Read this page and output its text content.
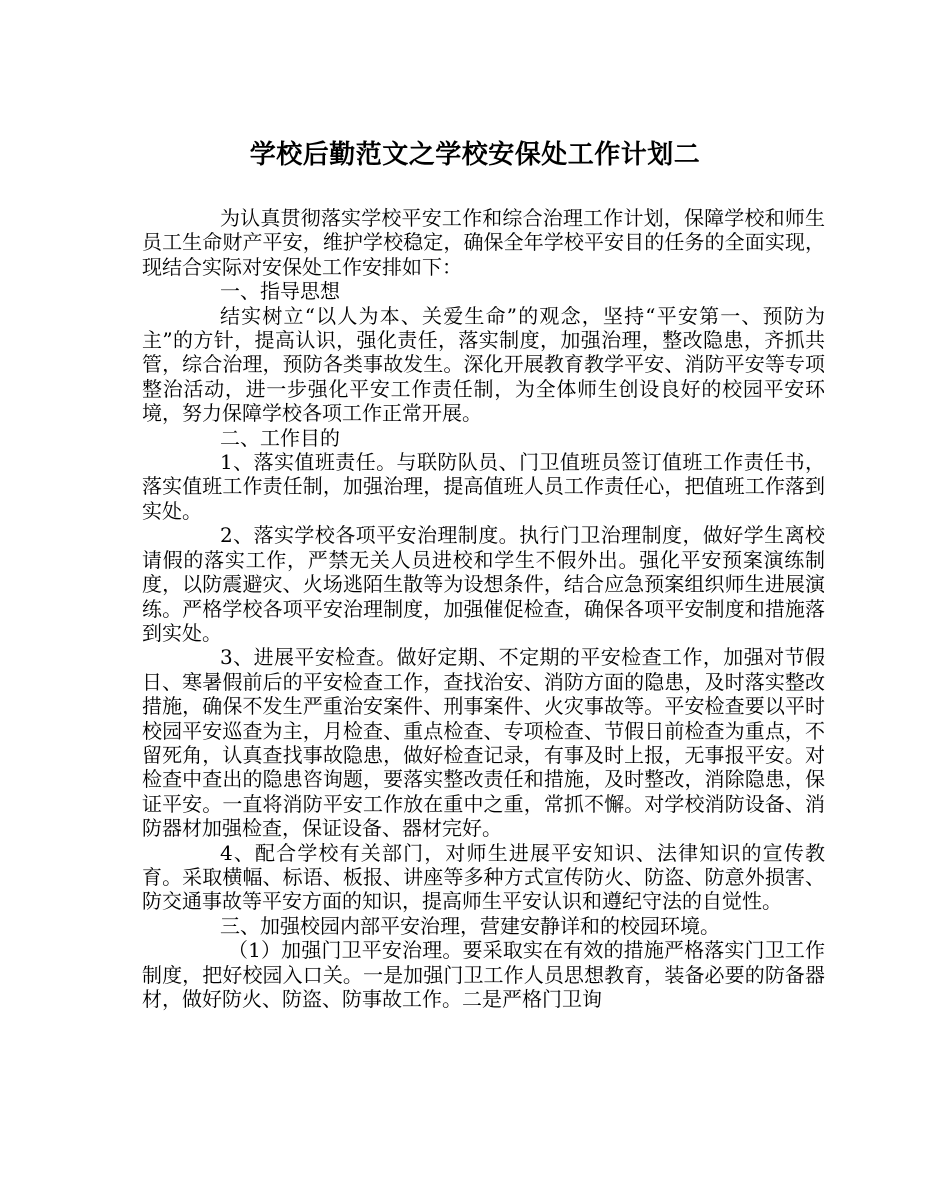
学校后勤范文之学校安保处工作计划二

为认真贯彻落实学校平安工作和综合治理工作计划，保障学校和师生员工生命财产平安，维护学校稳定，确保全年学校平安目的任务的全面实现，现结合实际对安保处工作安排如下：

一、指导思想

结实树立“以人为本、关爱生命”的观念，坚持“平安第一、预防为主”的方针，提高认识，强化责任，落实制度，加强治理，整改隐患，齐抓共管，综合治理，预防各类事故发生。深化开展教育教学平安、消防平安等专项整治活动，进一步强化平安工作责任制，为全体师生创设良好的校园平安环境，努力保障学校各项工作正常开展。

二、工作目的

1、落实值班责任。与联防队员、门卫值班员签订值班工作责任书，落实值班工作责任制，加强治理，提高值班人员工作责任心，把值班工作落到实处。

2、落实学校各项平安治理制度。执行门卫治理制度，做好学生离校请假的落实工作，严禁无关人员进校和学生不假外出。强化平安预案演练制度，以防震避灾、火场逃陌生散等为设想条件，结合应急预案组织师生进展演练。严格学校各项平安治理制度，加强催促检查，确保各项平安制度和措施落到实处。

3、进展平安检查。做好定期、不定期的平安检查工作，加强对节假日、寒暑假前后的平安检查工作，查找治安、消防方面的隐患，及时落实整改措施，确保不发生严重治安案件、刑事案件、火灾事故等。平安检查要以平时校园平安巡查为主，月检查、重点检查、专项检查、节假日前检查为重点，不留死角，认真查找事故隐患，做好检查记录，有事及时上报，无事报平安。对检查中查出的隐患咨询题，要落实整改责任和措施，及时整改，消除隐患，保证平安。一直将消防平安工作放在重中之重，常抓不懈。对学校消防设备、消防器材加强检查，保证设备、器材完好。

4、配合学校有关部门，对师生进展平安知识、法律知识的宣传教育。采取横幅、标语、板报、讲座等多种方式宣传防火、防盗、防意外损害、防交通事故等平安方面的知识，提高师生平安认识和遵纪守法的自觉性。

三、加强校园内部平安治理，营建安静详和的校园环境。

（1）加强门卫平安治理。要采取实在有效的措施严格落实门卫工作制度，把好校园入口关。一是加强门卫工作人员思想教育，装备必要的防备器材，做好防火、防盗、防事故工作。二是严格门卫询
